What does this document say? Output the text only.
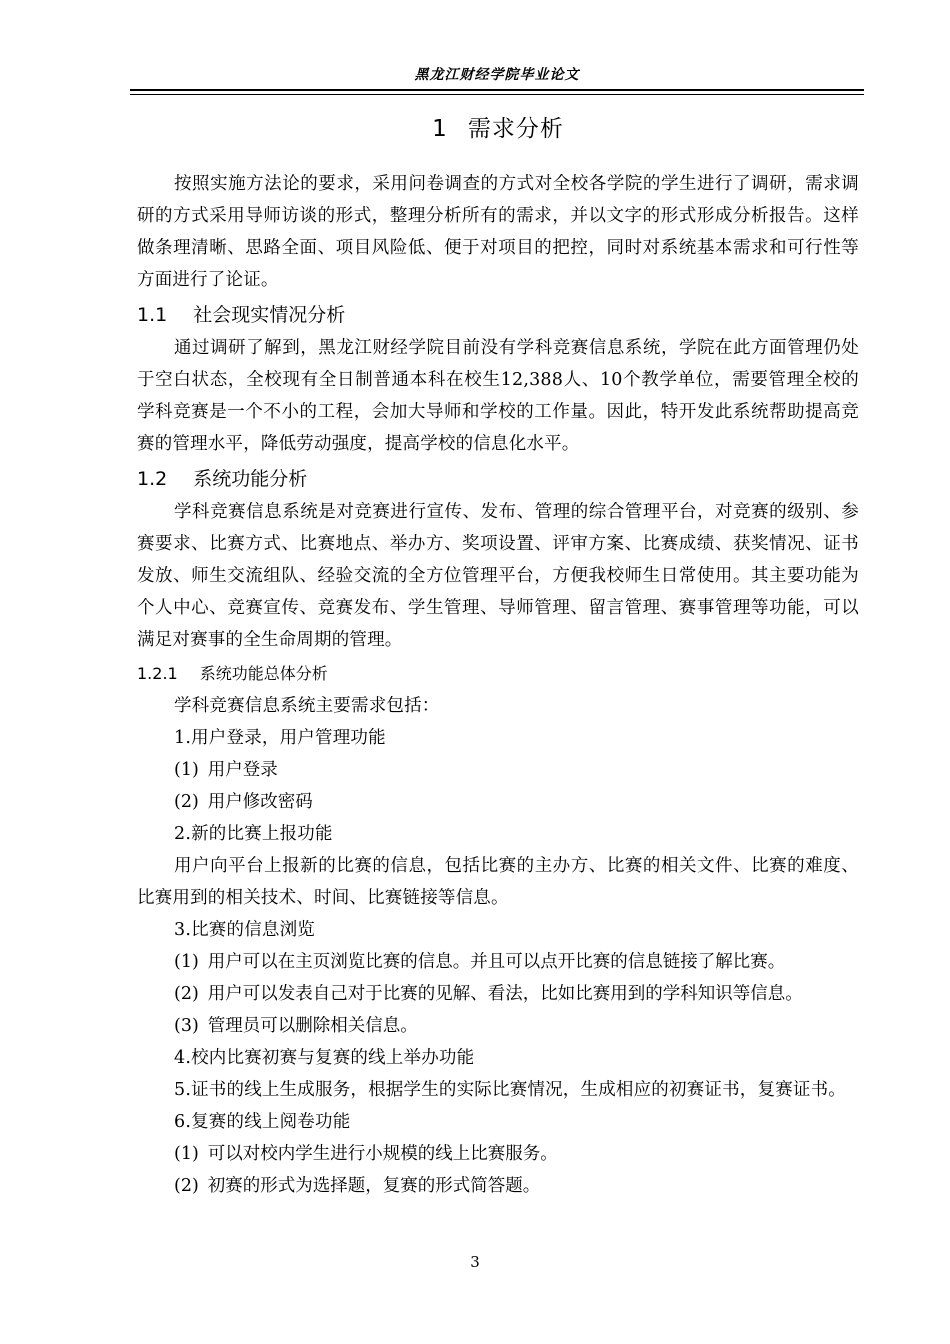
黑龙江财经学院毕业论文
1 需求分析

按照实施方法论的要求，采用问卷调查的方式对全校各学院的学生进行了调研，需求调研的方式采用导师访谈的形式，整理分析所有的需求，并以文字的形式形成分析报告。这样做条理清晰、思路全面、项目风险低、便于对项目的把控，同时对系统基本需求和可行性等方面进行了论证。

1.1 社会现实情况分析

通过调研了解到，黑龙江财经学院目前没有学科竞赛信息系统，学院在此方面管理仍处于空白状态，全校现有全日制普通本科在校生12,388人、10个教学单位，需要管理全校的学科竞赛是一个不小的工程，会加大导师和学校的工作量。因此，特开发此系统帮助提高竞赛的管理水平，降低劳动强度，提高学校的信息化水平。

1.2 系统功能分析

学科竞赛信息系统是对竞赛进行宣传、发布、管理的综合管理平台，对竞赛的级别、参赛要求、比赛方式、比赛地点、举办方、奖项设置、评审方案、比赛成绩、获奖情况、证书发放、师生交流组队、经验交流的全方位管理平台，方便我校师生日常使用。其主要功能为个人中心、竞赛宣传、竞赛发布、学生管理、导师管理、留言管理、赛事管理等功能，可以满足对赛事的全生命周期的管理。

1.2.1 系统功能总体分析

学科竞赛信息系统主要需求包括：

1.用户登录，用户管理功能

(1) 用户登录
(2) 用户修改密码

2.新的比赛上报功能

用户向平台上报新的比赛的信息，包括比赛的主办方、比赛的相关文件、比赛的难度、比赛用到的相关技术、时间、比赛链接等信息。

3.比赛的信息浏览

(1) 用户可以在主页浏览比赛的信息。并且可以点开比赛的信息链接了解比赛。
(2) 用户可以发表自己对于比赛的见解、看法，比如比赛用到的学科知识等信息。
(3) 管理员可以删除相关信息。

4.校内比赛初赛与复赛的线上举办功能

5.证书的线上生成服务，根据学生的实际比赛情况，生成相应的初赛证书，复赛证书。

6.复赛的线上阅卷功能

(1) 可以对校内学生进行小规模的线上比赛服务。
(2) 初赛的形式为选择题，复赛的形式简答题。
3
